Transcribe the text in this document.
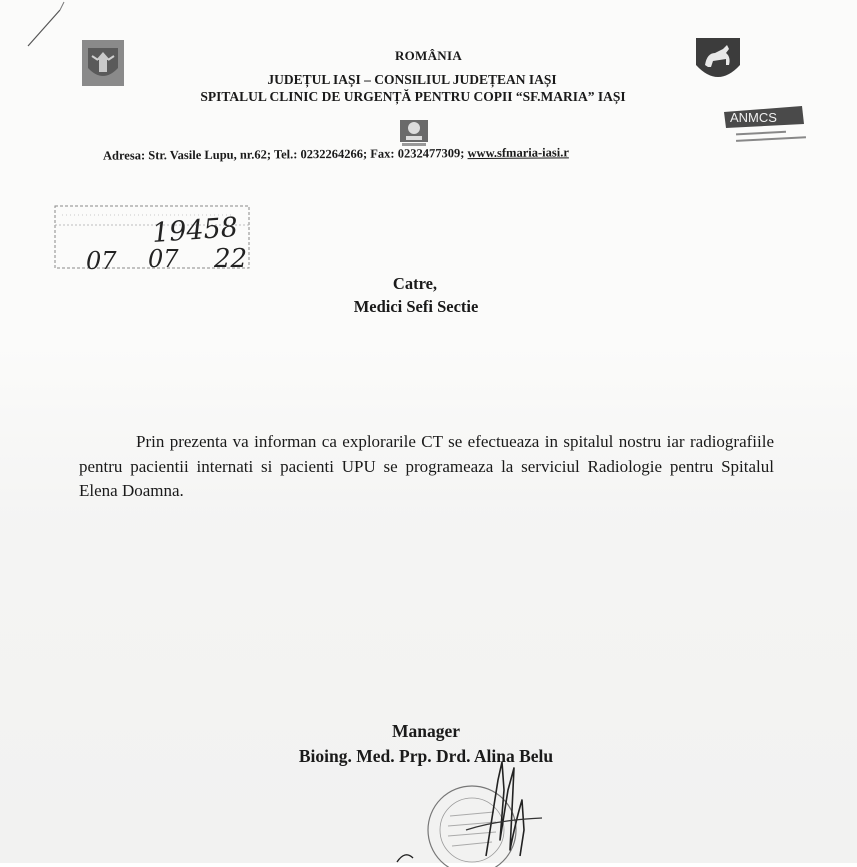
ROMÂNIA
JUDEȚUL IAȘI – CONSILIUL JUDEȚEAN IAȘI
SPITALUL CLINIC DE URGENȚĂ PENTRU COPII “SF.MARIA” IAȘI
ANMCS
Adresa: Str. Vasile Lupu, nr.62; Tel.: 0232264266; Fax: 0232477309; www.sfmaria-iasi.r
19458
07 07 22
Catre,
Medici Sefi Sectie

Prin prezenta va informan ca explorarile CT se efectueaza in spitalul nostru iar radiografiile pentru pacientii internati si pacienti UPU se programeaza la serviciul Radiologie pentru Spitalul Elena Doamna.

Manager
Bioing. Med. Prp. Drd. Alina Belu
